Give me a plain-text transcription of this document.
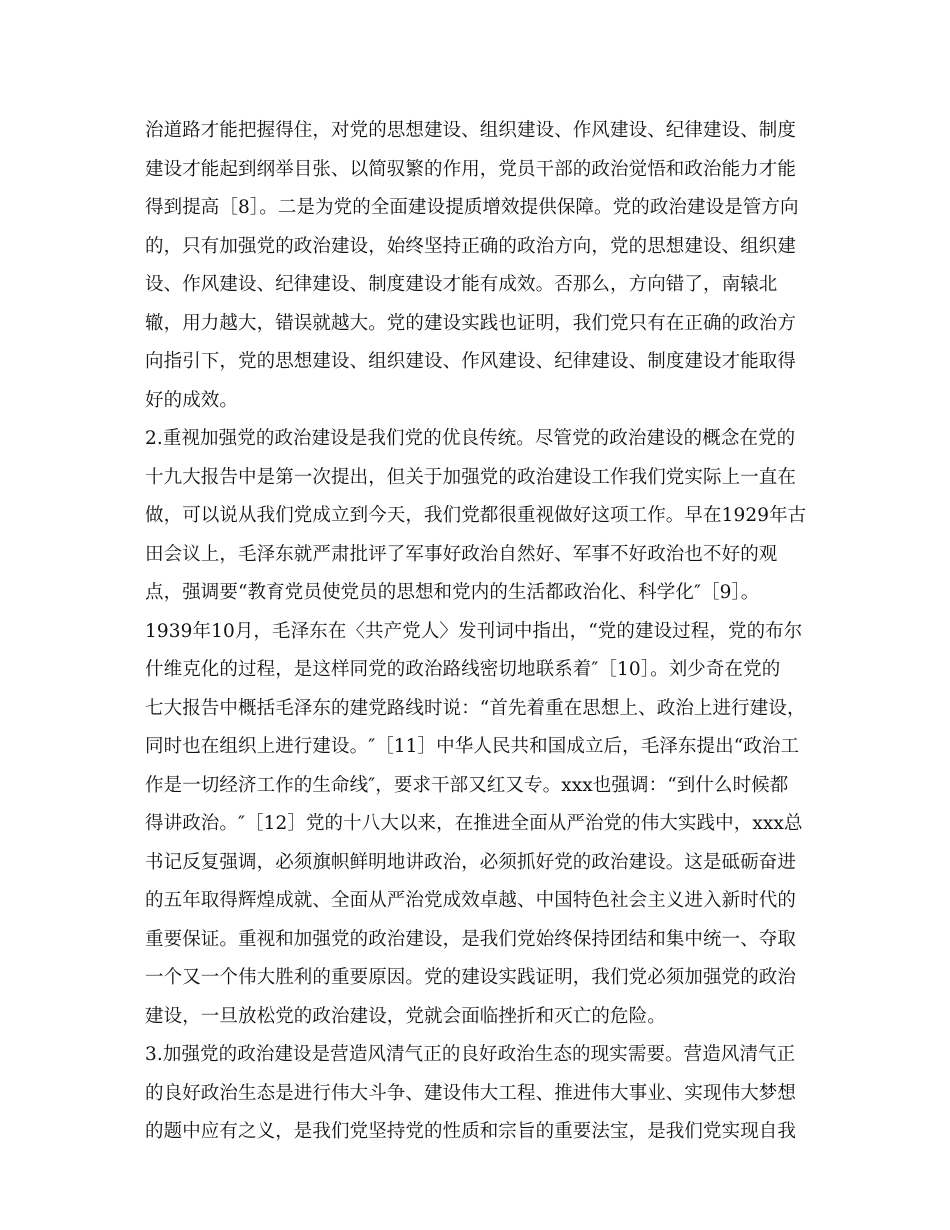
治道路才能把握得住，对党的思想建设、组织建设、作风建设、纪律建设、制度
建设才能起到纲举目张、以简驭繁的作用，党员干部的政治觉悟和政治能力才能
得到提高［8］。二是为党的全面建设提质增效提供保障。党的政治建设是管方向
的，只有加强党的政治建设，始终坚持正确的政治方向，党的思想建设、组织建
设、作风建设、纪律建设、制度建设才能有成效。否那么，方向错了，南辕北
辙，用力越大，错误就越大。党的建设实践也证明，我们党只有在正确的政治方
向指引下，党的思想建设、组织建设、作风建设、纪律建设、制度建设才能取得
好的成效。
2.重视加强党的政治建设是我们党的优良传统。尽管党的政治建设的概念在党的
十九大报告中是第一次提出，但关于加强党的政治建设工作我们党实际上一直在
做，可以说从我们党成立到今天，我们党都很重视做好这项工作。早在1929年古
田会议上，毛泽东就严肃批评了军事好政治自然好、军事不好政治也不好的观
点，强调要“教育党员使党员的思想和党内的生活都政治化、科学化″［9］。
1939年10月，毛泽东在〈共产党人〉发刊词中指出，“党的建设过程，党的布尔
什维克化的过程，是这样同党的政治路线密切地联系着″［10］。刘少奇在党的
七大报告中概括毛泽东的建党路线时说：“首先着重在思想上、政治上进行建设，
同时也在组织上进行建设。″［11］中华人民共和国成立后，毛泽东提出“政治工
作是一切经济工作的生命线″，要求干部又红又专。xxx也强调：“到什么时候都
得讲政治。″［12］党的十八大以来，在推进全面从严治党的伟大实践中，xxx总
书记反复强调，必须旗帜鲜明地讲政治，必须抓好党的政治建设。这是砥砺奋进
的五年取得辉煌成就、全面从严治党成效卓越、中国特色社会主义进入新时代的
重要保证。重视和加强党的政治建设，是我们党始终保持团结和集中统一、夺取
一个又一个伟大胜利的重要原因。党的建设实践证明，我们党必须加强党的政治
建设，一旦放松党的政治建设，党就会面临挫折和灭亡的危险。
3.加强党的政治建设是营造风清气正的良好政治生态的现实需要。营造风清气正
的良好政治生态是进行伟大斗争、建设伟大工程、推进伟大事业、实现伟大梦想
的题中应有之义，是我们党坚持党的性质和宗旨的重要法宝，是我们党实现自我
